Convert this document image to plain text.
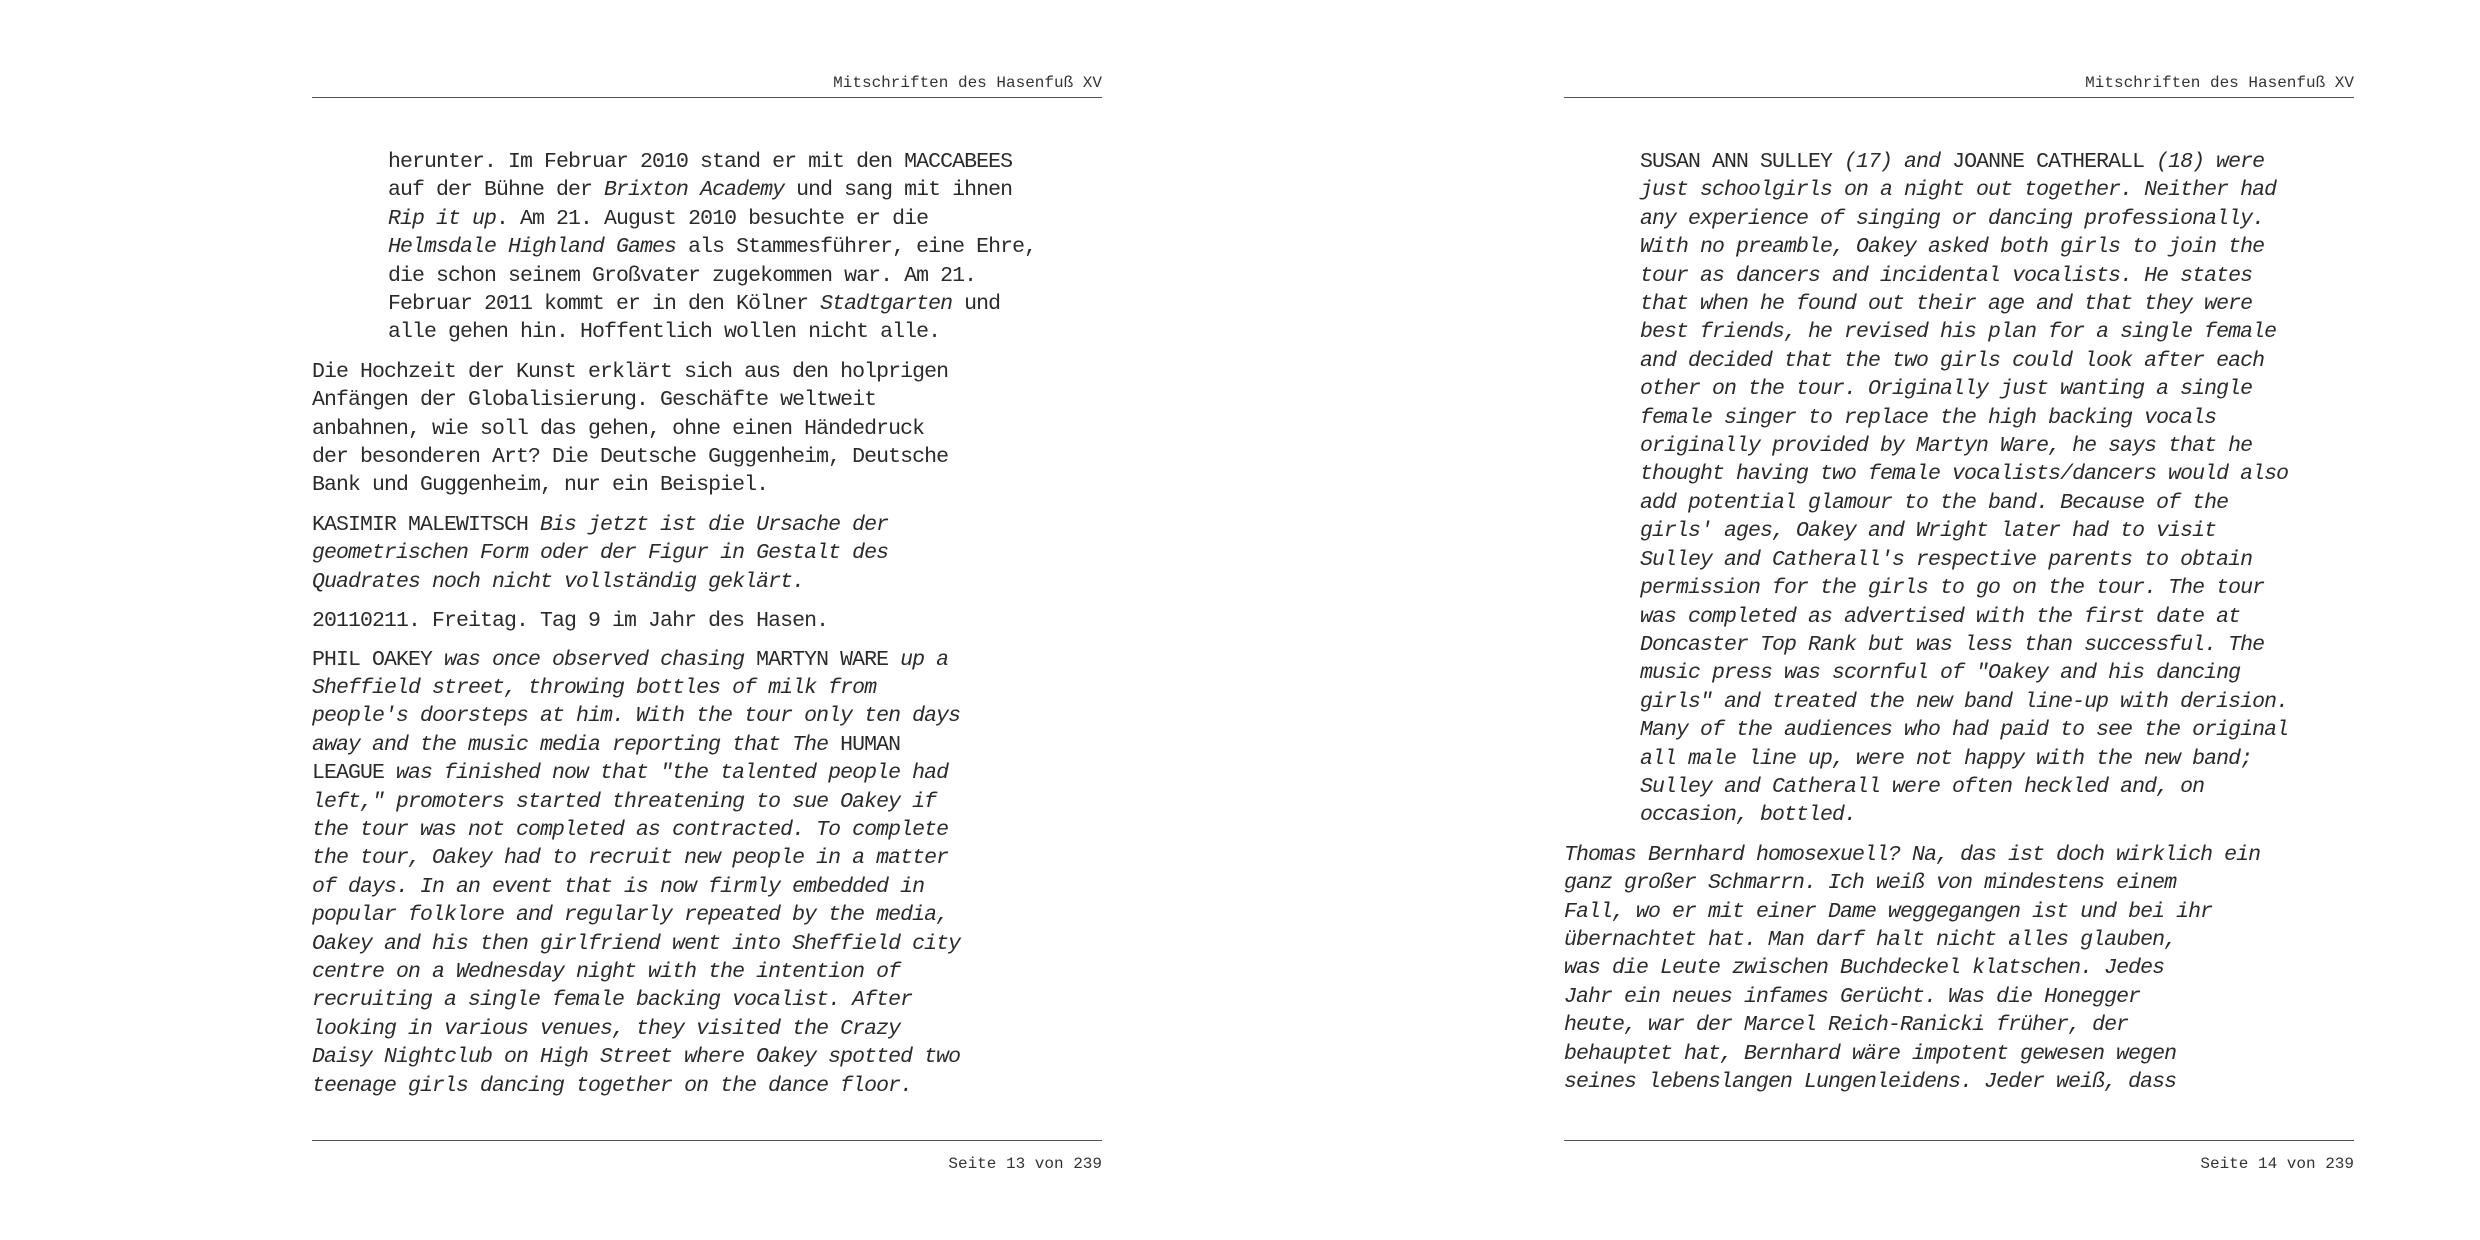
Mitschriften des Hasenfuß XV
herunter. Im Februar 2010 stand er mit den MACCABEES
auf der Bühne der Brixton Academy und sang mit ihnen
Rip it up. Am 21. August 2010 besuchte er die
Helmsdale Highland Games als Stammesführer, eine Ehre,
die schon seinem Großvater zugekommen war. Am 21.
Februar 2011 kommt er in den Kölner Stadtgarten und
alle gehen hin. Hoffentlich wollen nicht alle.
Die Hochzeit der Kunst erklärt sich aus den holprigen
Anfängen der Globalisierung. Geschäfte weltweit
anbahnen, wie soll das gehen, ohne einen Händedruck
der besonderen Art? Die Deutsche Guggenheim, Deutsche
Bank und Guggenheim, nur ein Beispiel.
KASIMIR MALEWITSCH Bis jetzt ist die Ursache der
geometrischen Form oder der Figur in Gestalt des
Quadrates noch nicht vollständig geklärt.
20110211. Freitag. Tag 9 im Jahr des Hasen.
PHIL OAKEY was once observed chasing MARTYN WARE up a
Sheffield street, throwing bottles of milk from
people's doorsteps at him. With the tour only ten days
away and the music media reporting that The HUMAN
LEAGUE was finished now that "the talented people had
left," promoters started threatening to sue Oakey if
the tour was not completed as contracted. To complete
the tour, Oakey had to recruit new people in a matter
of days. In an event that is now firmly embedded in
popular folklore and regularly repeated by the media,
Oakey and his then girlfriend went into Sheffield city
centre on a Wednesday night with the intention of
recruiting a single female backing vocalist. After
looking in various venues, they visited the Crazy
Daisy Nightclub on High Street where Oakey spotted two
teenage girls dancing together on the dance floor.
Seite 13 von 239
Mitschriften des Hasenfuß XV
SUSAN ANN SULLEY (17) and JOANNE CATHERALL (18) were
just schoolgirls on a night out together. Neither had
any experience of singing or dancing professionally.
With no preamble, Oakey asked both girls to join the
tour as dancers and incidental vocalists. He states
that when he found out their age and that they were
best friends, he revised his plan for a single female
and decided that the two girls could look after each
other on the tour. Originally just wanting a single
female singer to replace the high backing vocals
originally provided by Martyn Ware, he says that he
thought having two female vocalists/dancers would also
add potential glamour to the band. Because of the
girls' ages, Oakey and Wright later had to visit
Sulley and Catherall's respective parents to obtain
permission for the girls to go on the tour. The tour
was completed as advertised with the first date at
Doncaster Top Rank but was less than successful. The
music press was scornful of "Oakey and his dancing
girls" and treated the new band line-up with derision.
Many of the audiences who had paid to see the original
all male line up, were not happy with the new band;
Sulley and Catherall were often heckled and, on
occasion, bottled.
Thomas Bernhard homosexuell? Na, das ist doch wirklich ein
ganz großer Schmarrn. Ich weiß von mindestens einem
Fall, wo er mit einer Dame weggegangen ist und bei ihr
übernachtet hat. Man darf halt nicht alles glauben,
was die Leute zwischen Buchdeckel klatschen. Jedes
Jahr ein neues infames Gerücht. Was die Honegger
heute, war der Marcel Reich-Ranicki früher, der
behauptet hat, Bernhard wäre impotent gewesen wegen
seines lebenslangen Lungenleidens. Jeder weiß, dass
Seite 14 von 239
